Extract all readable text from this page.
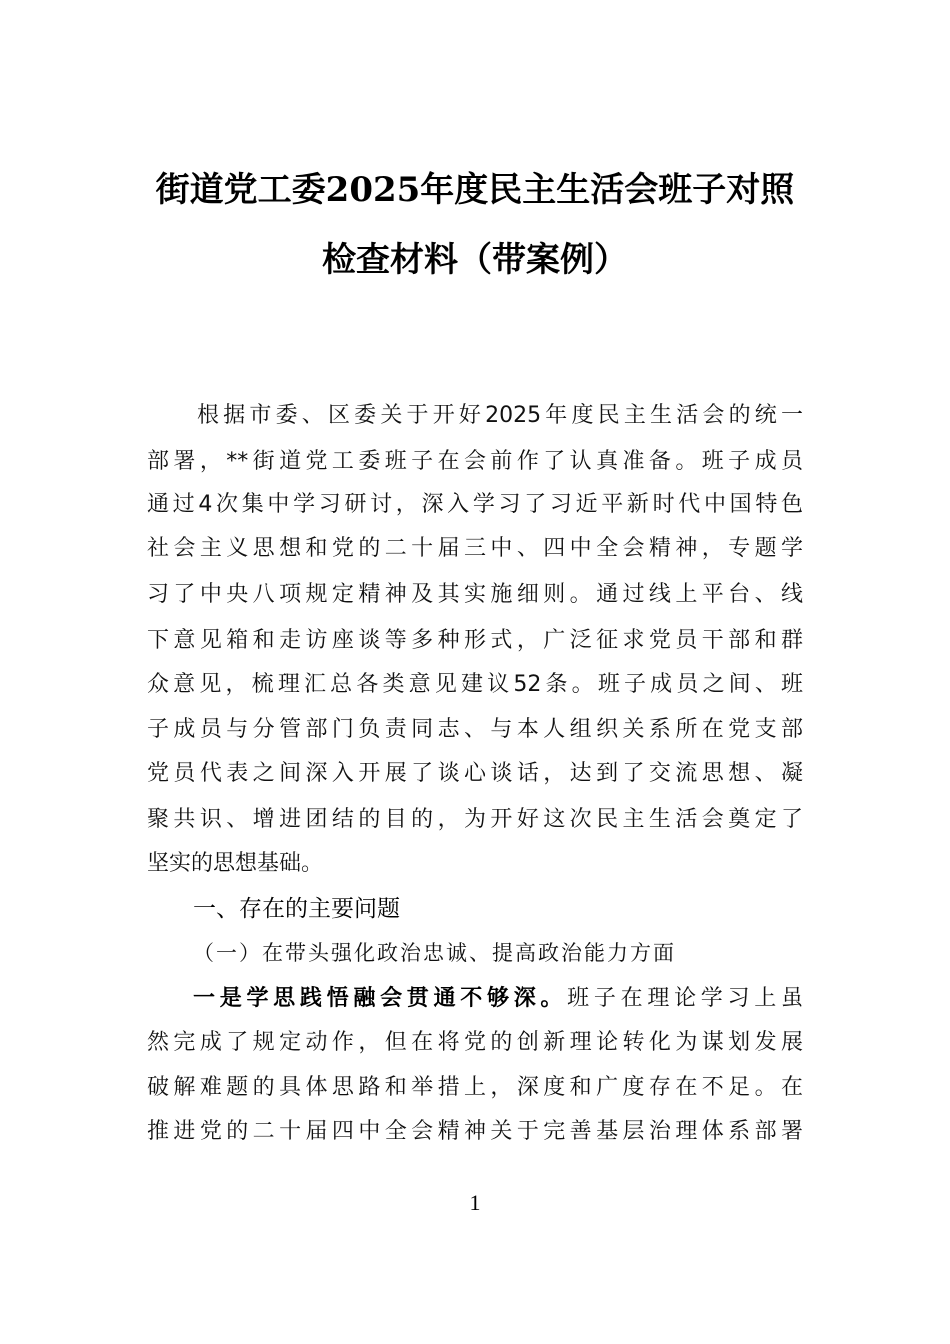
街道党工委2025年度民主生活会班子对照
检查材料（带案例）
根据市委、区委关于开好2025年度民主生活会的统一
部署，**街道党工委班子在会前作了认真准备。班子成员
通过4次集中学习研讨，深入学习了习近平新时代中国特色
社会主义思想和党的二十届三中、四中全会精神，专题学
习了中央八项规定精神及其实施细则。通过线上平台、线
下意见箱和走访座谈等多种形式，广泛征求党员干部和群
众意见，梳理汇总各类意见建议52条。班子成员之间、班
子成员与分管部门负责同志、与本人组织关系所在党支部
党员代表之间深入开展了谈心谈话，达到了交流思想、凝
聚共识、增进团结的目的，为开好这次民主生活会奠定了
坚实的思想基础。
一、存在的主要问题
（一）在带头强化政治忠诚、提高政治能力方面
一是学思践悟融会贯通不够深。班子在理论学习上虽
然完成了规定动作，但在将党的创新理论转化为谋划发展
破解难题的具体思路和举措上，深度和广度存在不足。在
推进党的二十届四中全会精神关于完善基层治理体系部署
1
